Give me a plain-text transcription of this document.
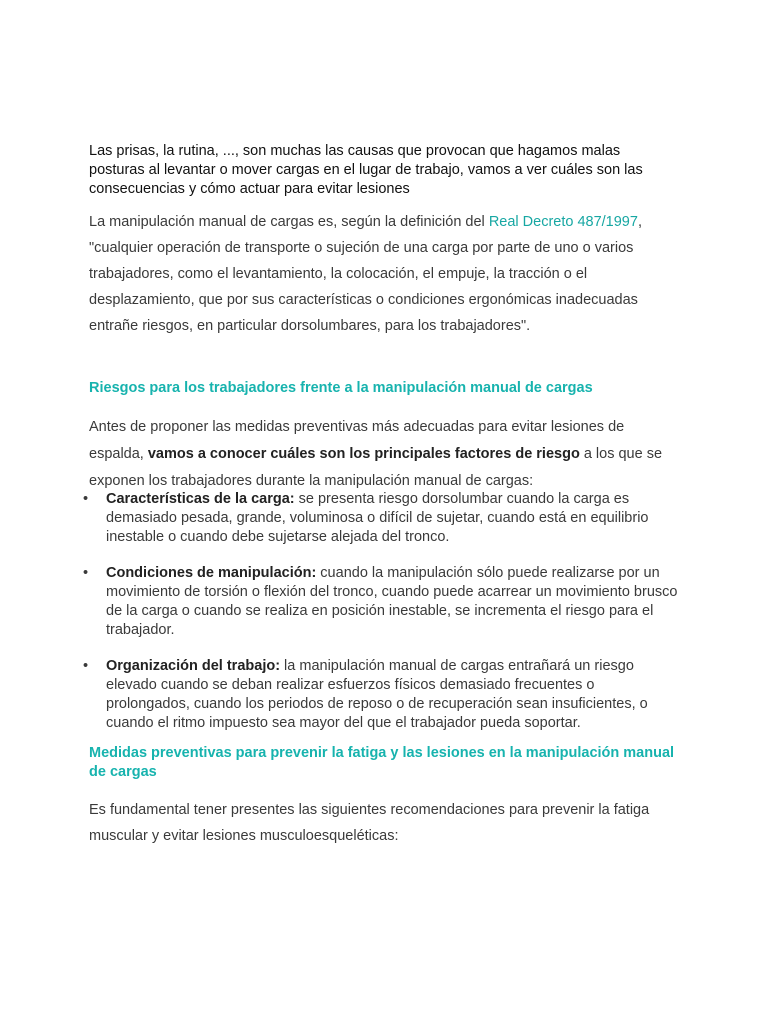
Las prisas, la rutina, ..., son muchas las causas que provocan que hagamos malas posturas al levantar o mover cargas en el lugar de trabajo, vamos a ver cuáles son las consecuencias y cómo actuar para evitar lesiones

La manipulación manual de cargas es, según la definición del Real Decreto 487/1997, "cualquier operación de transporte o sujeción de una carga por parte de uno o varios trabajadores, como el levantamiento, la colocación, el empuje, la tracción o el desplazamiento, que por sus características o condiciones ergonómicas inadecuadas entrañe riesgos, en particular dorsolumbares, para los trabajadores".

Riesgos para los trabajadores frente a la manipulación manual de cargas

Antes de proponer las medidas preventivas más adecuadas para evitar lesiones de espalda, vamos a conocer cuáles son los principales factores de riesgo a los que se exponen los trabajadores durante la manipulación manual de cargas:

• Características de la carga: se presenta riesgo dorsolumbar cuando la carga es demasiado pesada, grande, voluminosa o difícil de sujetar, cuando está en equilibrio inestable o cuando debe sujetarse alejada del tronco.
• Condiciones de manipulación: cuando la manipulación sólo puede realizarse por un movimiento de torsión o flexión del tronco, cuando puede acarrear un movimiento brusco de la carga o cuando se realiza en posición inestable, se incrementa el riesgo para el trabajador.
• Organización del trabajo: la manipulación manual de cargas entrañará un riesgo elevado cuando se deban realizar esfuerzos físicos demasiado frecuentes o prolongados, cuando los periodos de reposo o de recuperación sean insuficientes, o cuando el ritmo impuesto sea mayor del que el trabajador pueda soportar.
Medidas preventivas para prevenir la fatiga y las lesiones en la manipulación manual de cargas

Es fundamental tener presentes las siguientes recomendaciones para prevenir la fatiga muscular y evitar lesiones musculoesqueléticas:
